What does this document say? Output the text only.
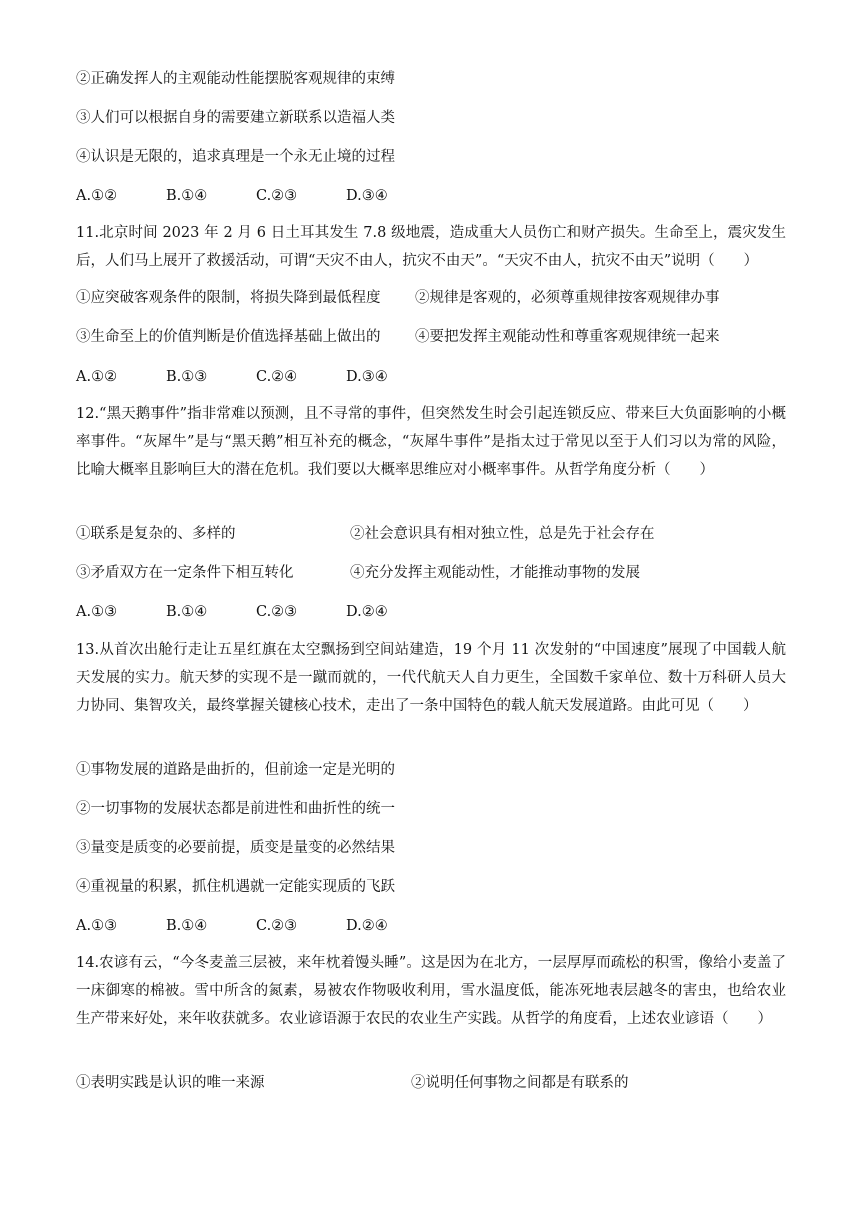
②正确发挥人的主观能动性能摆脱客观规律的束缚
③人们可以根据自身的需要建立新联系以造福人类
④认识是无限的，追求真理是一个永无止境的过程
A.①②	B.①④	C.②③	D.③④
11.北京时间 2023 年 2 月 6 日土耳其发生 7.8 级地震，造成重大人员伤亡和财产损失。生命至上，震灾发生后，人们马上展开了救援活动，可谓“天灾不由人，抗灾不由天”。“天灾不由人，抗灾不由天”说明（　　）
①应突破客观条件的限制，将损失降到最低程度 ②规律是客观的，必须尊重规律按客观规律办事
③生命至上的价值判断是价值选择基础上做出的 ④要把发挥主观能动性和尊重客观规律统一起来
A.①②	B.①③	C.②④	D.③④
12.“黑天鹅事件”指非常难以预测，且不寻常的事件，但突然发生时会引起连锁反应、带来巨大负面影响的小概率事件。“灰犀牛”是与“黑天鹅”相互补充的概念，“灰犀牛事件”是指太过于常见以至于人们习以为常的风险，比喻大概率且影响巨大的潜在危机。我们要以大概率思维应对小概率事件。从哲学角度分析（　　）
①联系是复杂的、多样的	②社会意识具有相对独立性，总是先于社会存在
③矛盾双方在一定条件下相互转化	④充分发挥主观能动性，才能推动事物的发展
A.①③	B.①④	C.②③	D.②④
13.从首次出舱行走让五星红旗在太空飘扬到空间站建造，19 个月 11 次发射的“中国速度”展现了中国载人航天发展的实力。航天梦的实现不是一蹴而就的，一代代航天人自力更生，全国数千家单位、数十万科研人员大力协同、集智攻关，最终掌握关键核心技术，走出了一条中国特色的载人航天发展道路。由此可见（　　）
①事物发展的道路是曲折的，但前途一定是光明的
②一切事物的发展状态都是前进性和曲折性的统一
③量变是质变的必要前提，质变是量变的必然结果
④重视量的积累，抓住机遇就一定能实现质的飞跃
A.①③	B.①④	C.②③	D.②④
14.农谚有云，“今冬麦盖三层被，来年枕着馒头睡”。这是因为在北方，一层厚厚而疏松的积雪，像给小麦盖了一床御寒的棉被。雪中所含的氮素，易被农作物吸收利用，雪水温度低，能冻死地表层越冬的害虫，也给农业生产带来好处，来年收获就多。农业谚语源于农民的农业生产实践。从哲学的角度看，上述农业谚语（　　）
①表明实践是认识的唯一来源	②说明任何事物之间都是有联系的
